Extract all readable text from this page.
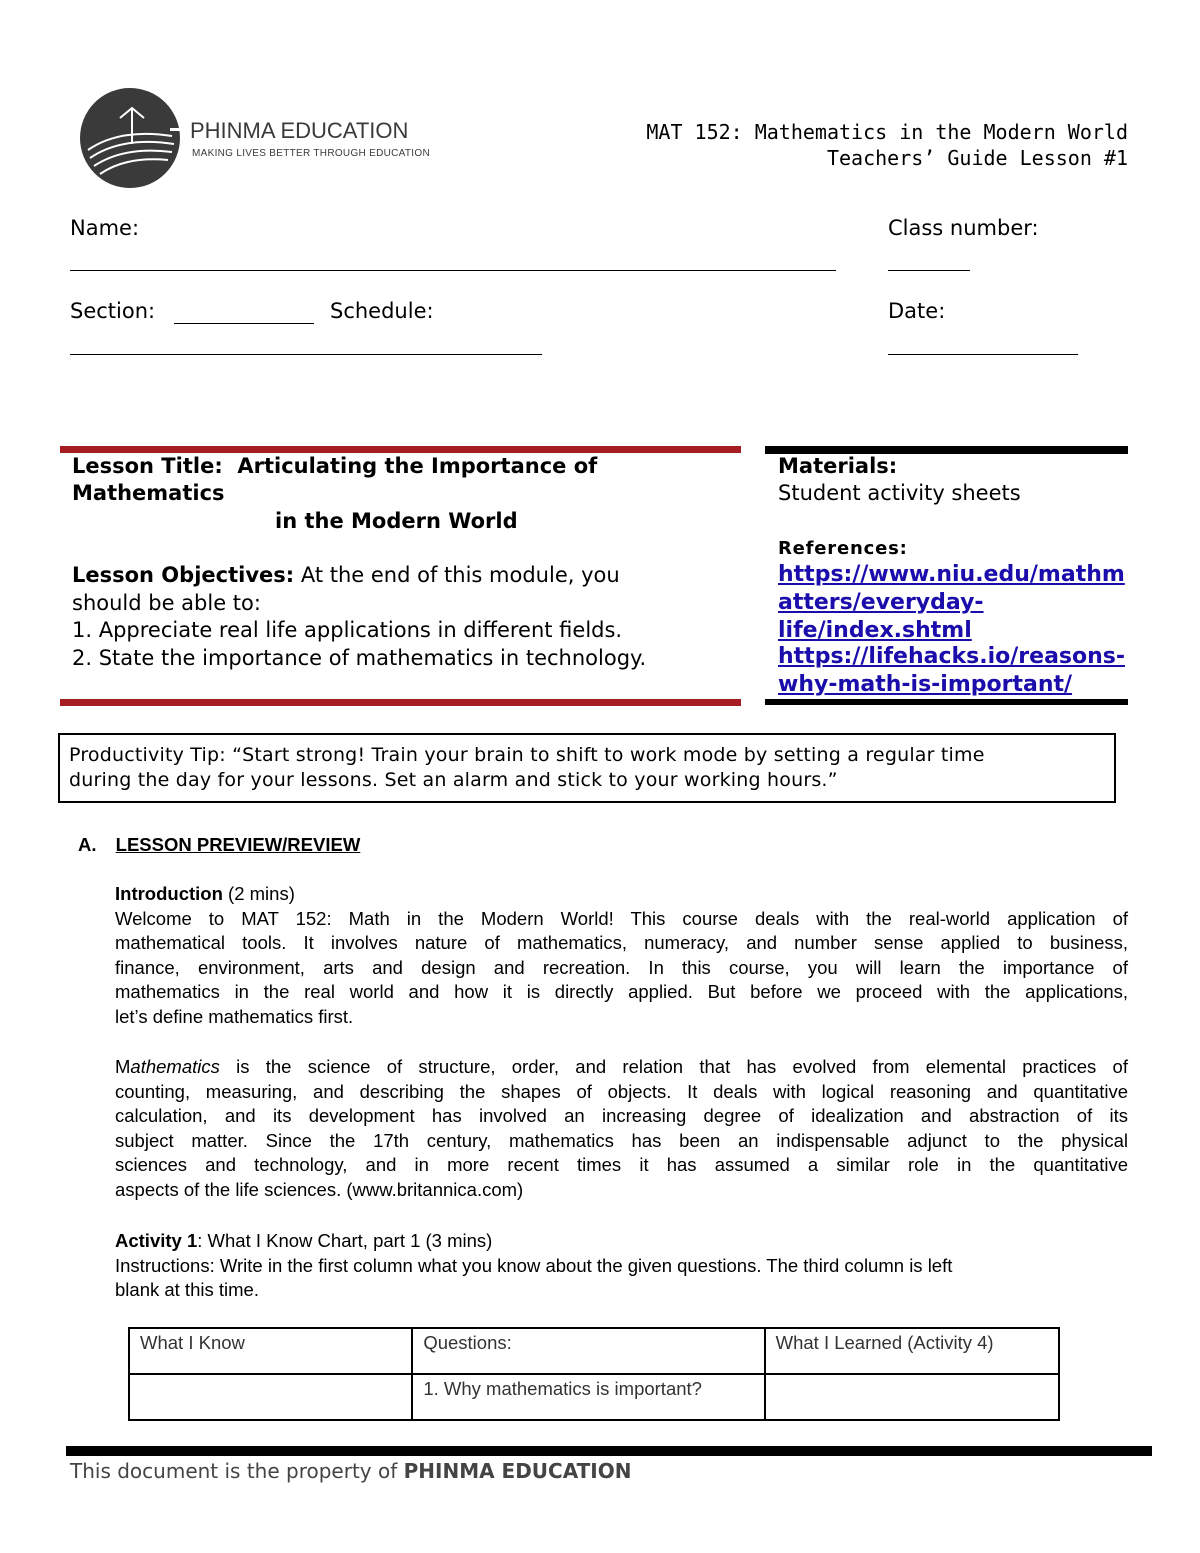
PHINMA EDUCATION
MAKING LIVES BETTER THROUGH EDUCATION
MAT 152: Mathematics in the Modern World
Teachers’ Guide Lesson #1
Name:	Class number:
Section:	Schedule:	Date:
Lesson Title: Articulating the Importance of
Mathematics
in the Modern World
Lesson Objectives: At the end of this module, you
should be able to:
1. Appreciate real life applications in different fields.
2. State the importance of mathematics in technology.
Materials:
Student activity sheets
References:
https://www.niu.edu/mathm
atters/everyday-
life/index.shtml
https://lifehacks.io/reasons-
why-math-is-important/
Productivity Tip: “Start strong! Train your brain to shift to work mode by setting a regular time
during the day for your lessons. Set an alarm and stick to your working hours.”
A. LESSON PREVIEW/REVIEW
Introduction (2 mins)
Welcome to MAT 152: Math in the Modern World! This course deals with the real-world application of
mathematical tools. It involves nature of mathematics, numeracy, and number sense applied to business,
finance, environment, arts and design and recreation. In this course, you will learn the importance of
mathematics in the real world and how it is directly applied. But before we proceed with the applications,
let’s define mathematics first.
Mathematics is the science of structure, order, and relation that has evolved from elemental practices of
counting, measuring, and describing the shapes of objects. It deals with logical reasoning and quantitative
calculation, and its development has involved an increasing degree of idealization and abstraction of its
subject matter. Since the 17th century, mathematics has been an indispensable adjunct to the physical
sciences and technology, and in more recent times it has assumed a similar role in the quantitative
aspects of the life sciences. (www.britannica.com)
Activity 1: What I Know Chart, part 1 (3 mins)
Instructions: Write in the first column what you know about the given questions. The third column is left
blank at this time.
What I Know	Questions:	What I Learned (Activity 4)
	1. Why mathematics is important?	
This document is the property of PHINMA EDUCATION
